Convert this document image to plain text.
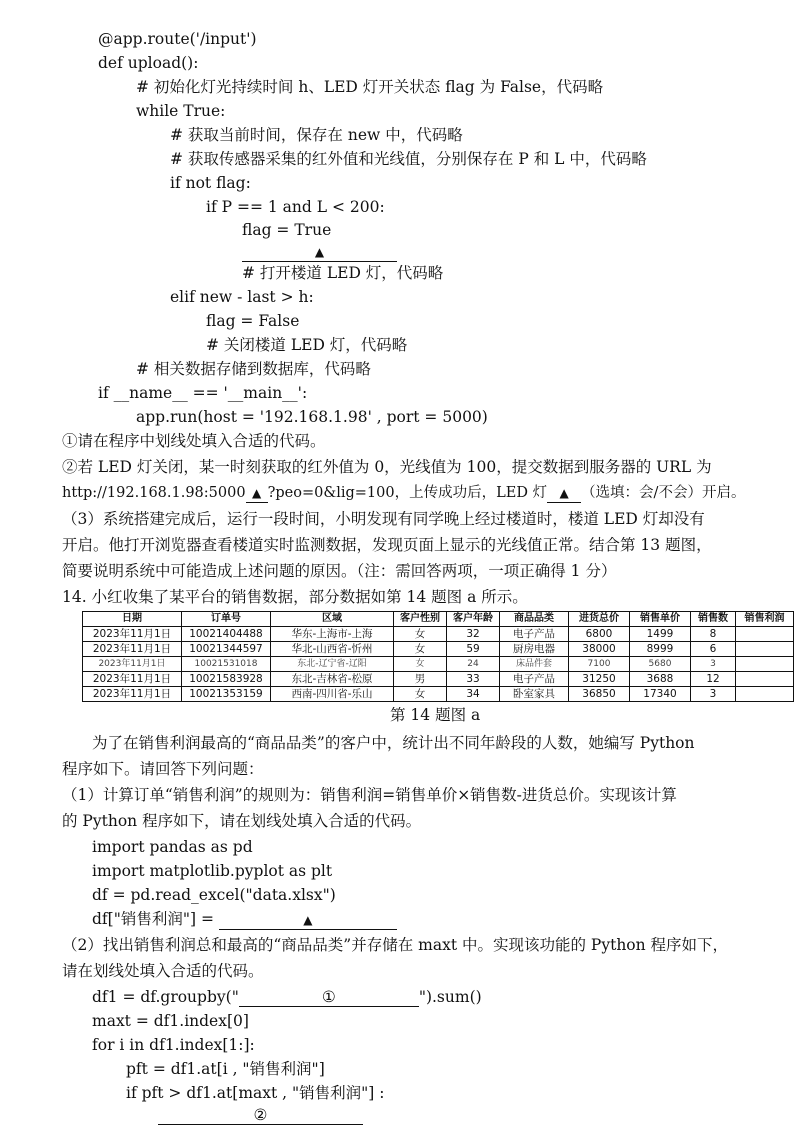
@app.route('/input')
def upload():
# 初始化灯光持续时间 h、LED 灯开关状态 flag 为 False，代码略
while True:
# 获取当前时间，保存在 new 中，代码略
# 获取传感器采集的红外值和光线值，分别保存在 P 和 L 中，代码略
if not flag:
if P == 1 and L < 200:
flag = True
▲
# 打开楼道 LED 灯，代码略
elif new - last > h:
flag = False
# 关闭楼道 LED 灯，代码略
# 相关数据存储到数据库，代码略
if __name__ == '__main__':
app.run(host = '192.168.1.98' , port = 5000)
①请在程序中划线处填入合适的代码。
②若 LED 灯关闭，某一时刻获取的红外值为 0，光线值为 100，提交数据到服务器的 URL 为
http://192.168.1.98:5000 ▲ ?peo=0&lig=100，上传成功后，LED 灯 ▲ （选填：会/不会）开启。
（3）系统搭建完成后，运行一段时间，小明发现有同学晚上经过楼道时，楼道 LED 灯却没有
开启。他打开浏览器查看楼道实时监测数据，发现页面上显示的光线值正常。结合第 13 题图，
简要说明系统中可能造成上述问题的原因。（注：需回答两项，一项正确得 1 分）
14. 小红收集了某平台的销售数据，部分数据如第 14 题图 a 所示。
日期	订单号	区域	客户性别	客户年龄	商品品类	进货总价	销售单价	销售数	销售利润
2023年11月1日	10021404488	华东-上海市-上海	女	32	电子产品	6800	1499	8	
2023年11月1日	10021344597	华北-山西省-忻州	女	59	厨房电器	38000	8999	6	
2023年11月1日	10021531018	东北-辽宁省-辽阳	女	24	床品件套	7100	5680	3	
2023年11月1日	10021583928	东北-吉林省-松原	男	33	电子产品	31250	3688	12	
2023年11月1日	10021353159	西南-四川省-乐山	女	34	卧室家具	36850	17340	3	
第 14 题图 a
为了在销售利润最高的“商品品类”的客户中，统计出不同年龄段的人数，她编写 Python
程序如下。请回答下列问题：
（1）计算订单“销售利润”的规则为：销售利润=销售单价×销售数-进货总价。实现该计算
的 Python 程序如下，请在划线处填入合适的代码。
import pandas as pd
import matplotlib.pyplot as plt
df = pd.read_excel("data.xlsx")
df["销售利润"] =	▲
（2）找出销售利润总和最高的“商品品类”并存储在 maxt 中。实现该功能的 Python 程序如下，
请在划线处填入合适的代码。
df1 = df.groupby("	①	").sum()
maxt = df1.index[0]
for i in df1.index[1:]:
pft = df1.at[i , "销售利润"]
if pft > df1.at[maxt , "销售利润"] :
②
